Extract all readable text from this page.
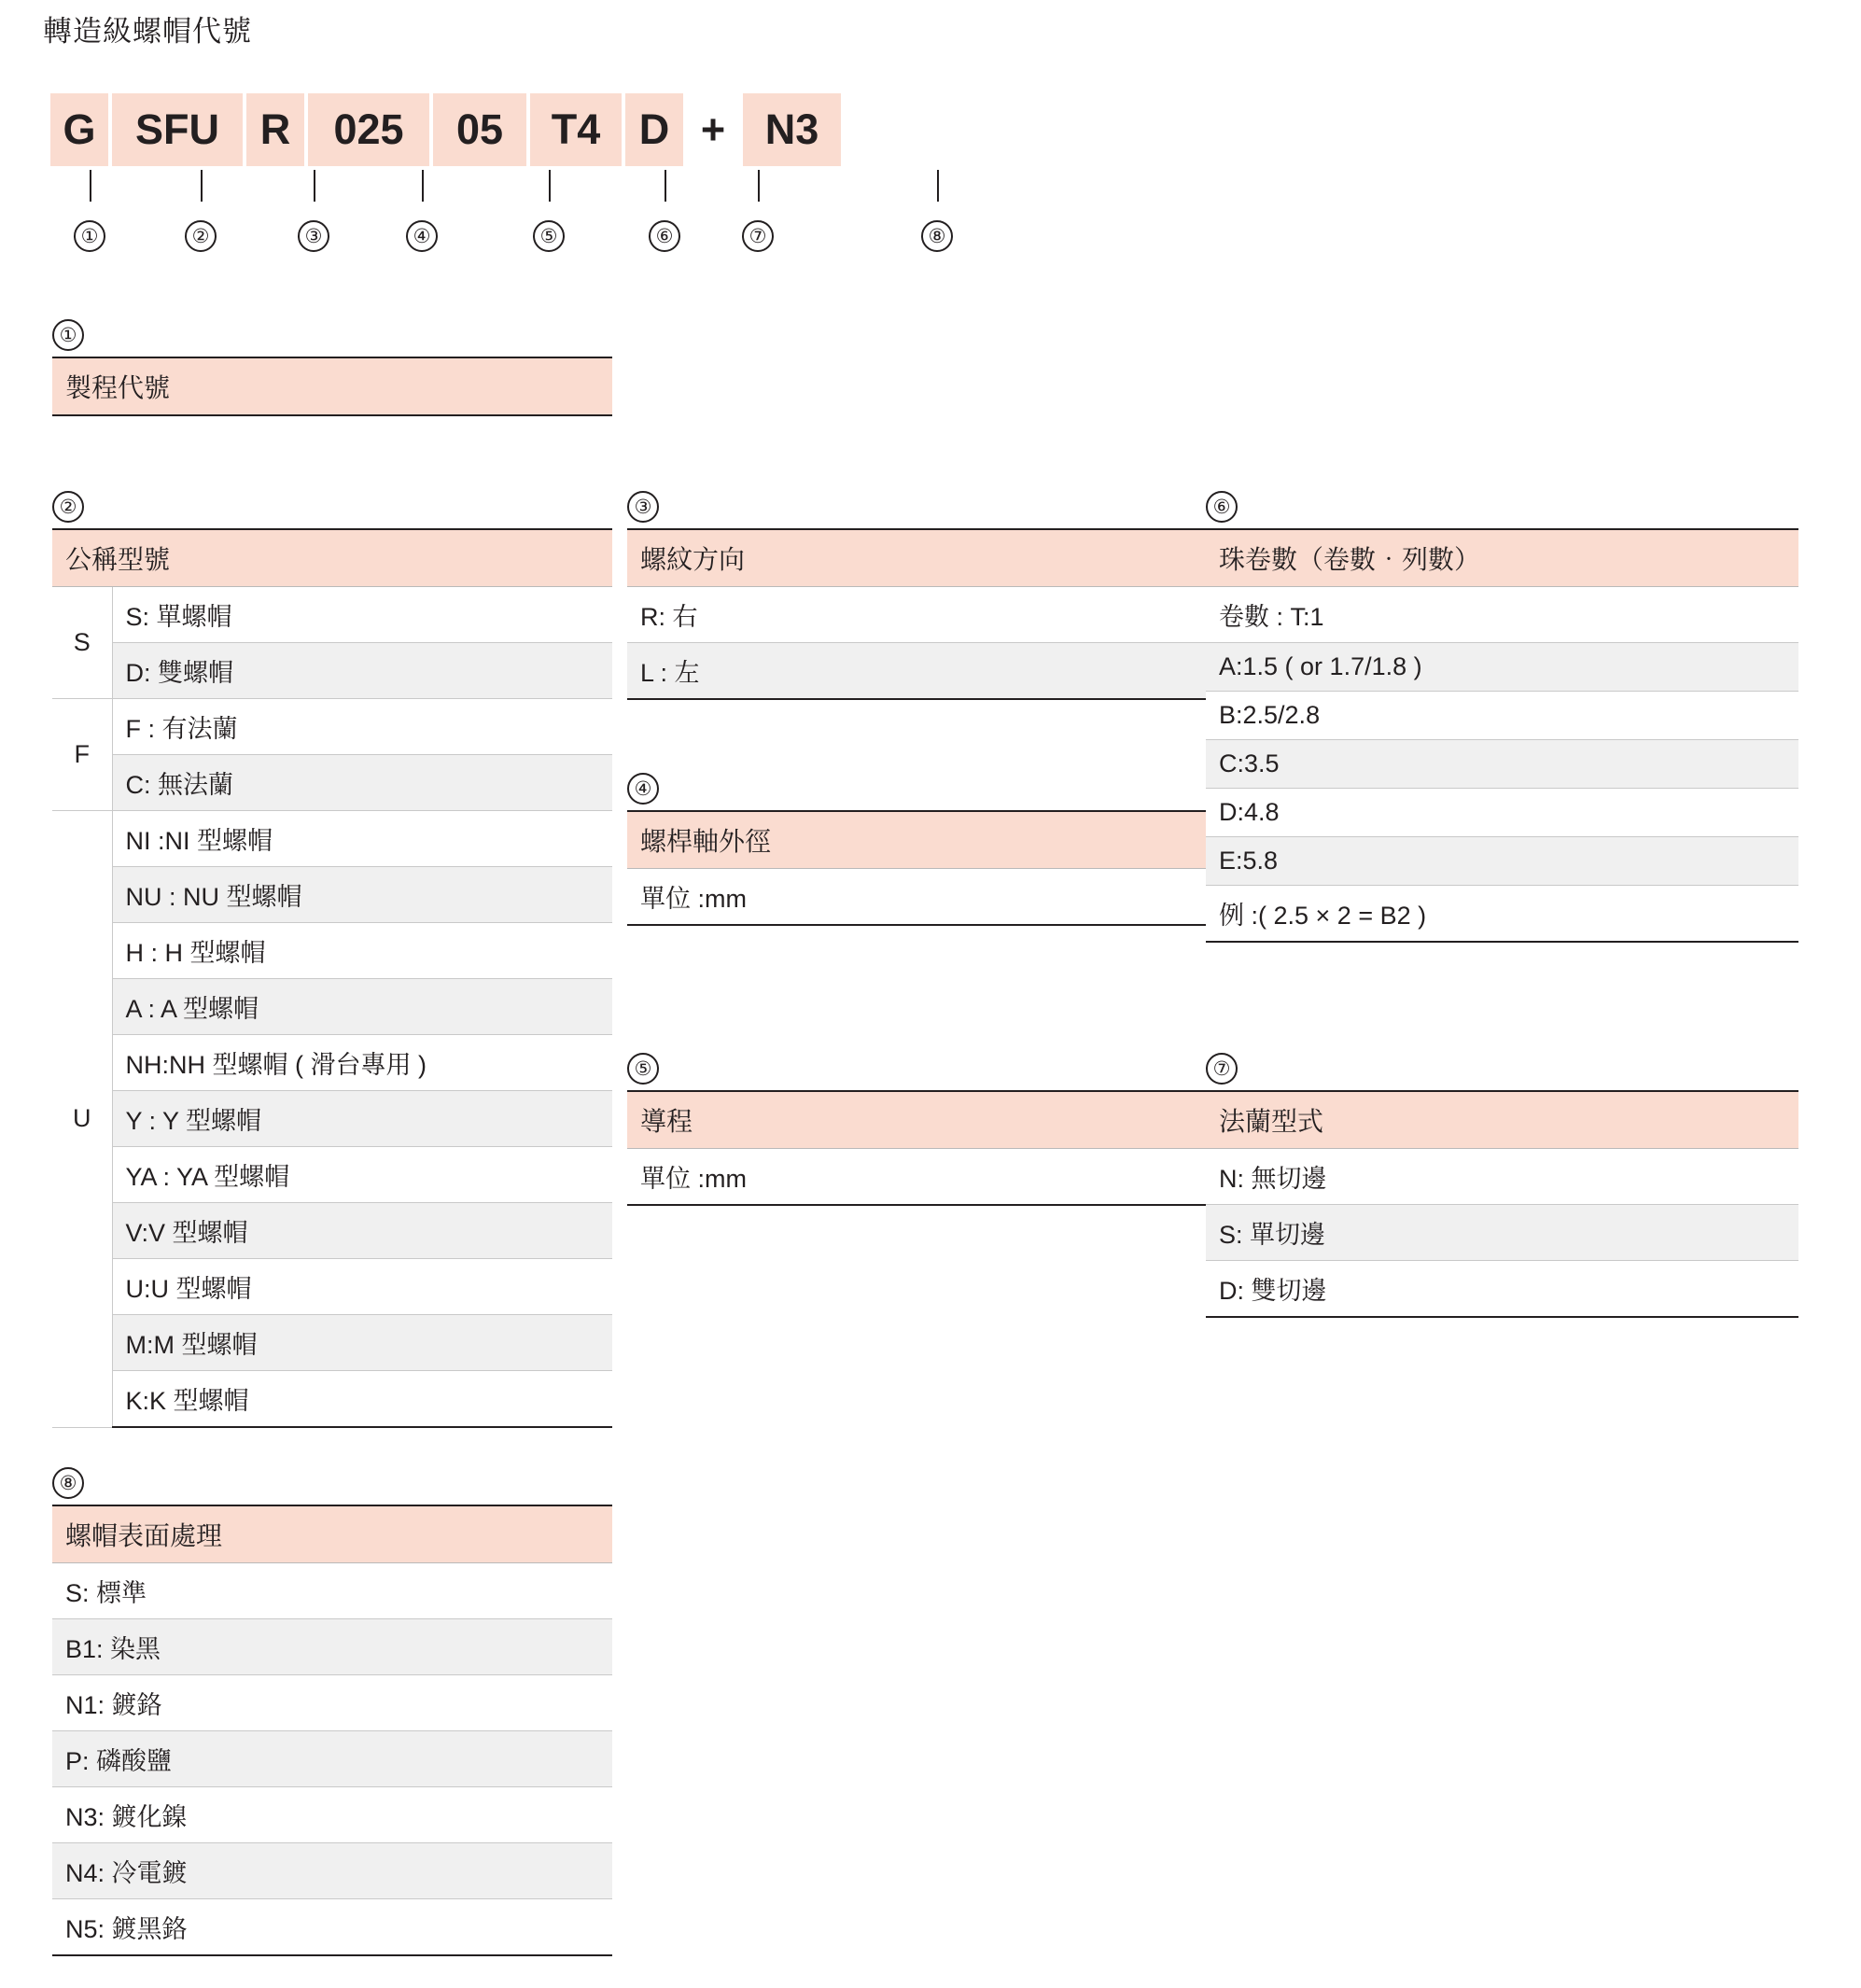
轉造級螺帽代號
G SFU R	025	05	T4 D + N3
①	②	③	④	⑤	⑥	⑦	⑧
①
製程代號
②
公稱型號
S	S: 單螺帽
	D: 雙螺帽
F	F : 有法蘭
	C: 無法蘭
U	NI :NI 型螺帽
	NU : NU 型螺帽
	H : H 型螺帽
	A : A 型螺帽
	NH:NH 型螺帽 ( 滑台專用 )
	Y : Y 型螺帽
	YA : YA 型螺帽
	V:V 型螺帽
	U:U 型螺帽
	M:M 型螺帽
	K:K 型螺帽
③
螺紋方向
R: 右
L : 左
④
螺桿軸外徑
單位 :mm
⑤
導程
單位 :mm
⑥
珠卷數（卷數‧列數）
卷數 : T:1
A:1.5 ( or 1.7/1.8 )
B:2.5/2.8
C:3.5
D:4.8
E:5.8
例 :( 2.5 × 2 = B2 )
⑦
法蘭型式
N: 無切邊
S: 單切邊
D: 雙切邊
⑧
螺帽表面處理
S: 標準
B1: 染黑
N1: 鍍鉻
P: 磷酸鹽
N3: 鍍化鎳
N4: 冷電鍍
N5: 鍍黑鉻
